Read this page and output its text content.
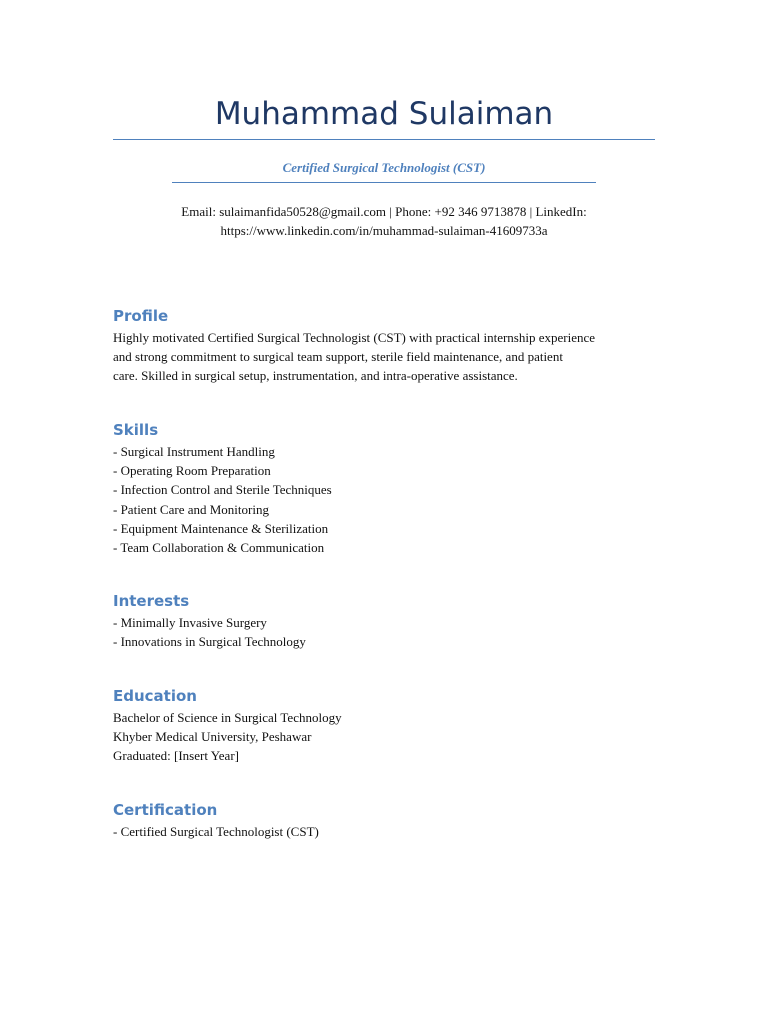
Muhammad Sulaiman
Certified Surgical Technologist (CST)
Email: sulaimanfida50528@gmail.com | Phone: +92 346 9713878 | LinkedIn:
https://www.linkedin.com/in/muhammad-sulaiman-41609733a
Profile
Highly motivated Certified Surgical Technologist (CST) with practical internship experience
and strong commitment to surgical team support, sterile field maintenance, and patient
care. Skilled in surgical setup, instrumentation, and intra-operative assistance.
Skills
- Surgical Instrument Handling
- Operating Room Preparation
- Infection Control and Sterile Techniques
- Patient Care and Monitoring
- Equipment Maintenance & Sterilization
- Team Collaboration & Communication
Interests
- Minimally Invasive Surgery
- Innovations in Surgical Technology
Education
Bachelor of Science in Surgical Technology
Khyber Medical University, Peshawar
Graduated: [Insert Year]
Certification
- Certified Surgical Technologist (CST)
